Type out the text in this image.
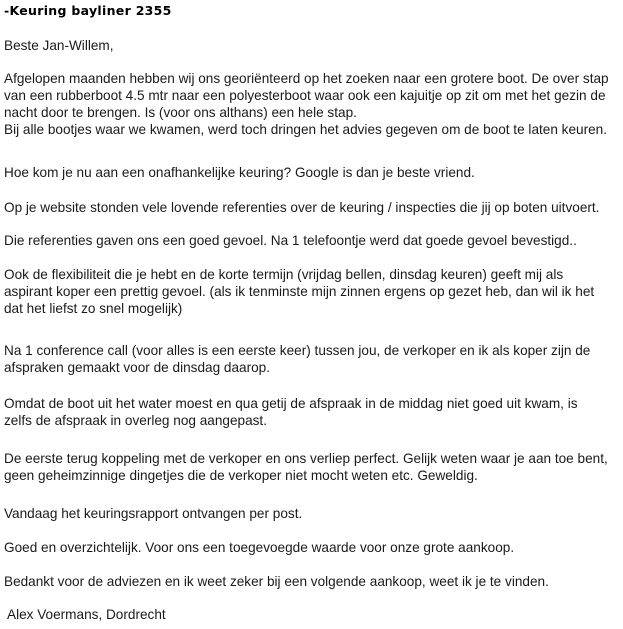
-Keuring bayliner 2355
Beste Jan-Willem,
Afgelopen maanden hebben wij ons georiënteerd op het zoeken naar een grotere boot. De over stap
van een rubberboot 4.5 mtr naar een polyesterboot waar ook een kajuitje op zit om met het gezin de
nacht door te brengen. Is (voor ons althans) een hele stap.
Bij alle bootjes waar we kwamen, werd toch dringen het advies gegeven om de boot te laten keuren.
Hoe kom je nu aan een onafhankelijke keuring? Google is dan je beste vriend.
Op je website stonden vele lovende referenties over de keuring / inspecties die jij op boten uitvoert.
Die referenties gaven ons een goed gevoel. Na 1 telefoontje werd dat goede gevoel bevestigd..
Ook de flexibiliteit die je hebt en de korte termijn (vrijdag bellen, dinsdag keuren) geeft mij als
aspirant koper een prettig gevoel. (als ik tenminste mijn zinnen ergens op gezet heb, dan wil ik het
dat het liefst zo snel mogelijk)
Na 1 conference call (voor alles is een eerste keer) tussen jou, de verkoper en ik als koper zijn de
afspraken gemaakt voor de dinsdag daarop.
Omdat de boot uit het water moest en qua getij de afspraak in de middag niet goed uit kwam, is
zelfs de afspraak in overleg nog aangepast.
De eerste terug koppeling met de verkoper en ons verliep perfect. Gelijk weten waar je aan toe bent,
geen geheimzinnige dingetjes die de verkoper niet mocht weten etc. Geweldig.
Vandaag het keuringsrapport ontvangen per post.
Goed en overzichtelijk. Voor ons een toegevoegde waarde voor onze grote aankoop.
Bedankt voor de adviezen en ik weet zeker bij een volgende aankoop, weet ik je te vinden.
Alex Voermans, Dordrecht
